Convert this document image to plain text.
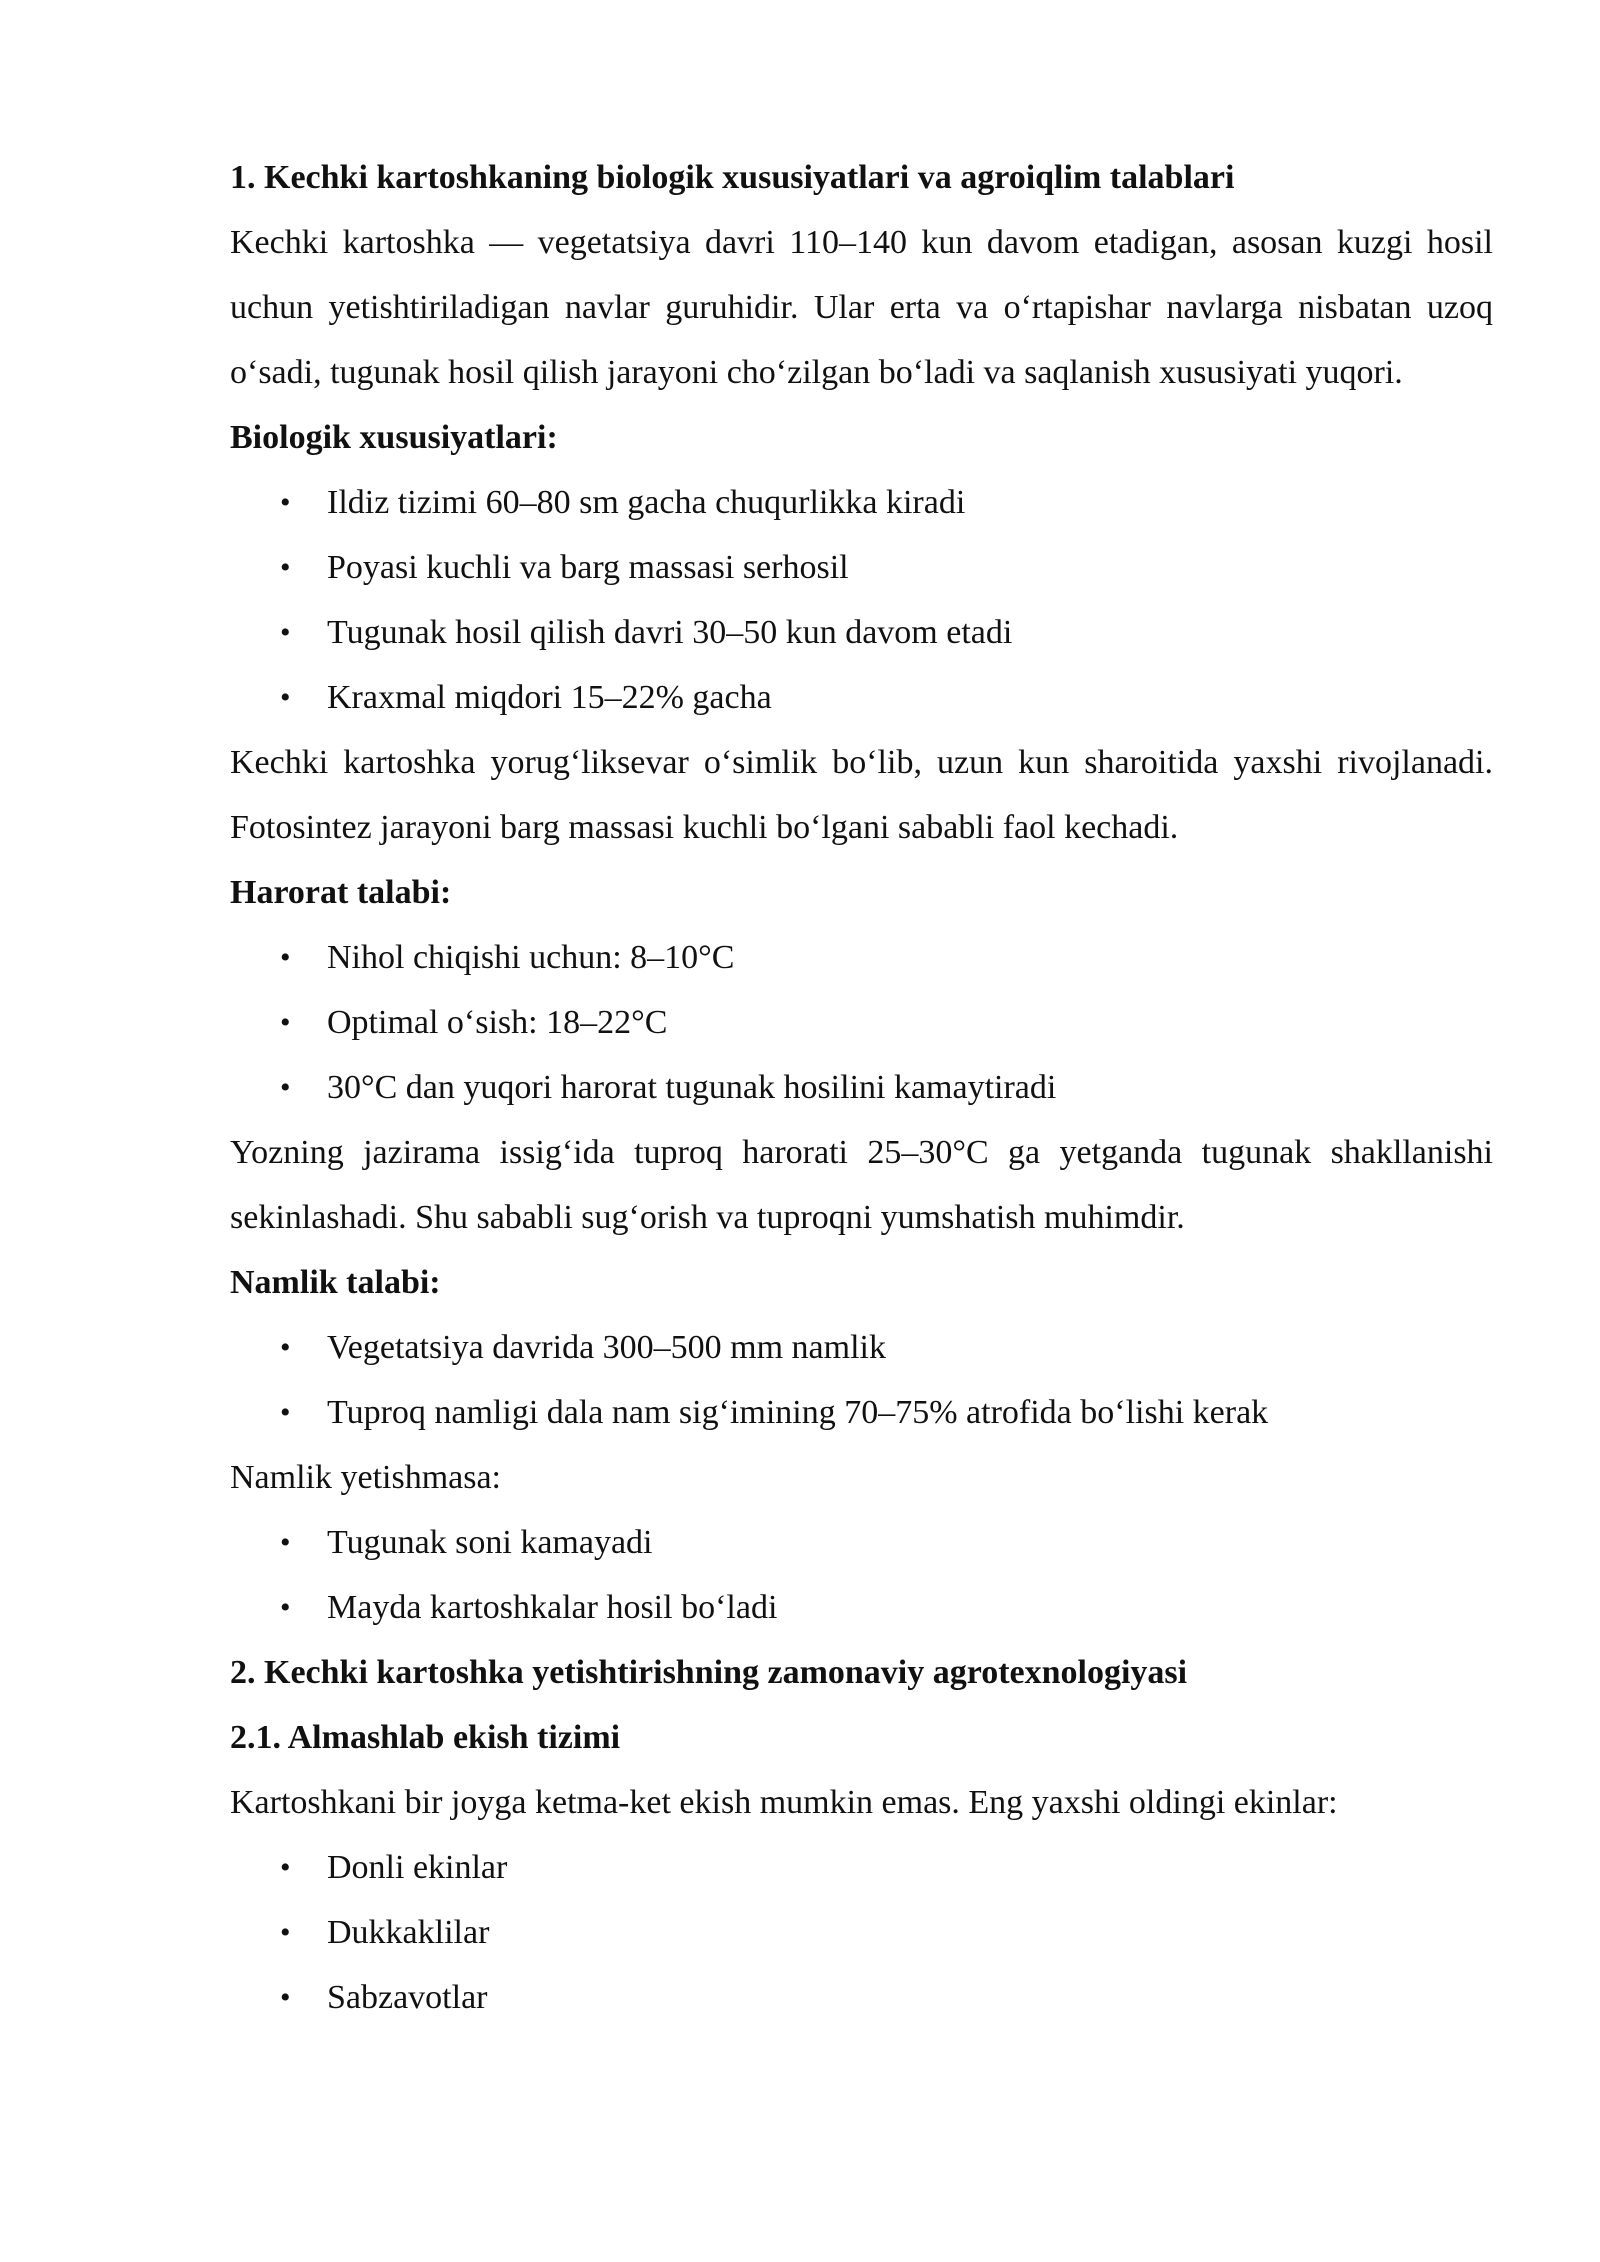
1. Kechki kartoshkaning biologik xususiyatlari va agroiqlim talablari

Kechki kartoshka — vegetatsiya davri 110–140 kun davom etadigan, asosan kuzgi hosil uchun yetishtiriladigan navlar guruhidir. Ular erta va oʻrtapishar navlarga nisbatan uzoq oʻsadi, tugunak hosil qilish jarayoni choʻzilgan boʻladi va saqlanish xususiyati yuqori.

Biologik xususiyatlari:

• Ildiz tizimi 60–80 sm gacha chuqurlikka kiradi
• Poyasi kuchli va barg massasi serhosil
• Tugunak hosil qilish davri 30–50 kun davom etadi
• Kraxmal miqdori 15–22% gacha

Kechki kartoshka yorugʻliksevar oʻsimlik boʻlib, uzun kun sharoitida yaxshi rivojlanadi. Fotosintez jarayoni barg massasi kuchli boʻlgani sababli faol kechadi.

Harorat talabi:

• Nihol chiqishi uchun: 8–10°C
• Optimal oʻsish: 18–22°C
• 30°C dan yuqori harorat tugunak hosilini kamaytiradi

Yozning jazirama issigʻida tuproq harorati 25–30°C ga yetganda tugunak shakllanishi sekinlashadi. Shu sababli sugʻorish va tuproqni yumshatish muhimdir.

Namlik talabi:

• Vegetatsiya davrida 300–500 mm namlik
• Tuproq namligi dala nam sigʻimining 70–75% atrofida boʻlishi kerak

Namlik yetishmasa:

• Tugunak soni kamayadi
• Mayda kartoshkalar hosil boʻladi

2. Kechki kartoshka yetishtirishning zamonaviy agrotexnologiyasi

2.1. Almashlab ekish tizimi

Kartoshkani bir joyga ketma-ket ekish mumkin emas. Eng yaxshi oldingi ekinlar:

• Donli ekinlar
• Dukkaklilar
• Sabzavotlar
